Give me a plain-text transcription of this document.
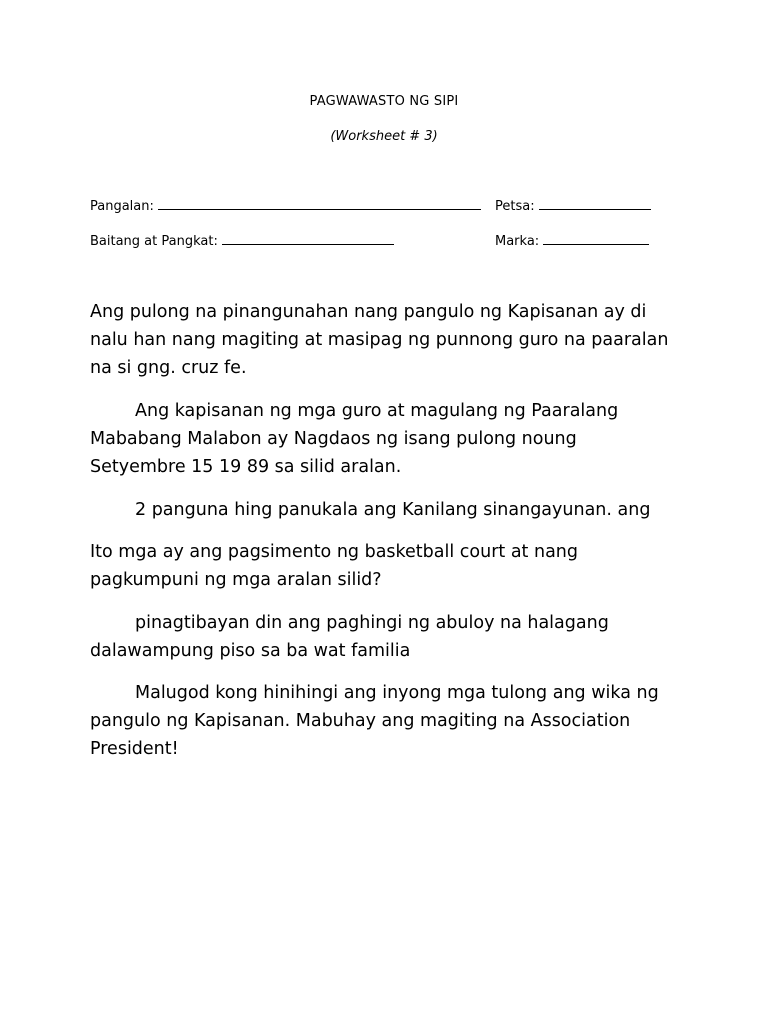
PAGWAWASTO NG SIPI
(Worksheet # 3)
Pangalan:	Petsa:
Baitang at Pangkat:	Marka:
Ang pulong na pinangunahan nang pangulo ng Kapisanan ay di
nalu han nang magiting at masipag ng punnong guro na paaralan
na si gng. cruz fe.
Ang kapisanan ng mga guro at magulang ng Paaralang
Mababang Malabon ay Nagdaos ng isang pulong noung
Setyembre 15 19 89 sa silid aralan.
2 panguna hing panukala ang Kanilang sinangayunan. ang
Ito mga ay ang pagsimento ng basketball court at nang
pagkumpuni ng mga aralan silid?
pinagtibayan din ang paghingi ng abuloy na halagang
dalawampung piso sa ba wat familia
Malugod kong hinihingi ang inyong mga tulong ang wika ng
pangulo ng Kapisanan. Mabuhay ang magiting na Association
President!
